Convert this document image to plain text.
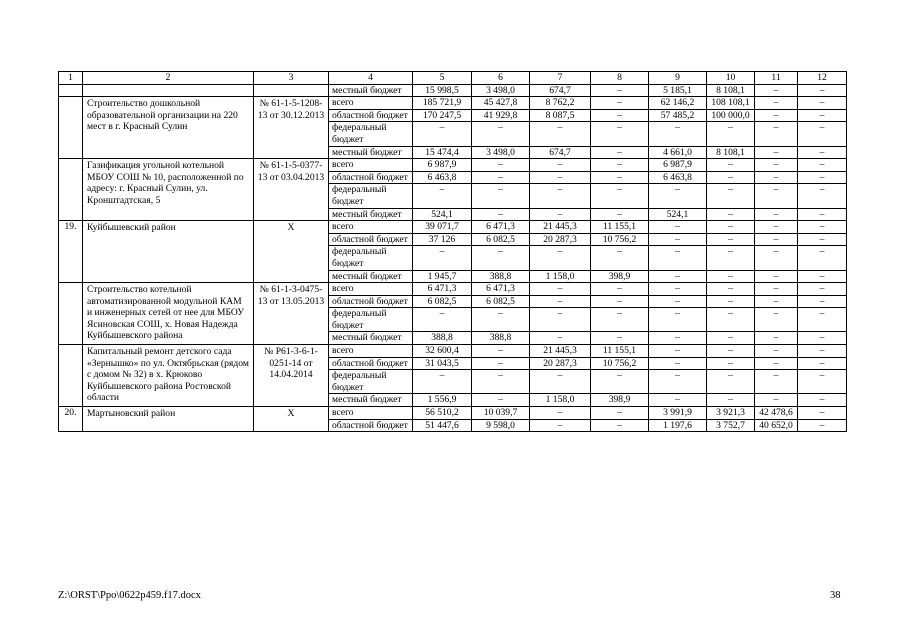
1	2	3	4	5	6	7	8	9	10	11	12
			местный бюджет	15 998,5	3 498,0	674,7	–	5 185,1	8 108,1	–	–
	Строительство дошкольной образовательной организации на 220 мест в г. Красный Сулин	№ 61-1-5-1208-13 от 30.12.2013	всего	185 721,9	45 427,8	8 762,2	–	62 146,2	108 108,1	–	–
			областной бюджет	170 247,5	41 929,8	8 087,5	–	57 485,2	100 000,0	–	–
			федеральный бюджет	–	–	–	–	–	–	–	–
			местный бюджет	15 474,4	3 498,0	674,7	–	4 661,0	8 108,1	–	–
	Газификация угольной котельной МБОУ СОШ № 10, расположенной по адресу: г. Красный Сулин, ул. Кронштадтская, 5	№ 61-1-5-0377-13 от 03.04.2013	всего	6 987,9	–	–	–	6 987,9	–	–	–
			областной бюджет	6 463,8	–	–	–	6 463,8	–	–	–
			федеральный бюджет	–	–	–	–	–	–	–	–
			местный бюджет	524,1	–	–	–	524,1	–	–	–
19.	Куйбышевский район	Х	всего	39 071,7	6 471,3	21 445,3	11 155,1	–	–	–	–
			областной бюджет	37 126	6 082,5	20 287,3	10 756,2	–	–	–	–
			федеральный бюджет	–	–	–	–	–	–	–	–
			местный бюджет	1 945,7	388,8	1 158,0	398,9	–	–	–	–
	Строительство котельной автоматизированной модульной КАМ и инженерных сетей от нее для МБОУ Ясиновская СОШ, х. Новая Надежда Куйбышевского района	№ 61-1-3-0475-13 от 13.05.2013	всего	6 471,3	6 471,3	–	–	–	–	–	–
			областной бюджет	6 082,5	6 082,5	–	–	–	–	–	–
			федеральный бюджет	–	–	–	–	–	–	–	–
			местный бюджет	388,8	388,8	–	–	–	–	–	–
	Капитальный ремонт детского сада «Зернышко» по ул. Октябрьская (рядом с домом № 32) в х. Крюково Куйбышевского района Ростовской области	№ Р61-3-6-1-0251-14 от 14.04.2014	всего	32 600,4	–	21 445,3	11 155,1	–	–	–	–
			областной бюджет	31 043,5	–	20 287,3	10 756,2	–	–	–	–
			федеральный бюджет	–	–	–	–	–	–	–	–
			местный бюджет	1 556,9	–	1 158,0	398,9	–	–	–	–
20.	Мартыновский район	Х	всего	56 510,2	10 039,7	–	–	3 991,9	3 921,3	42 478,6	–
			областной бюджет	51 447,6	9 598,0	–	–	1 197,6	3 752,7	40 652,0	–
Z:\ORST\Ppo\0622p459.f17.docx	38
